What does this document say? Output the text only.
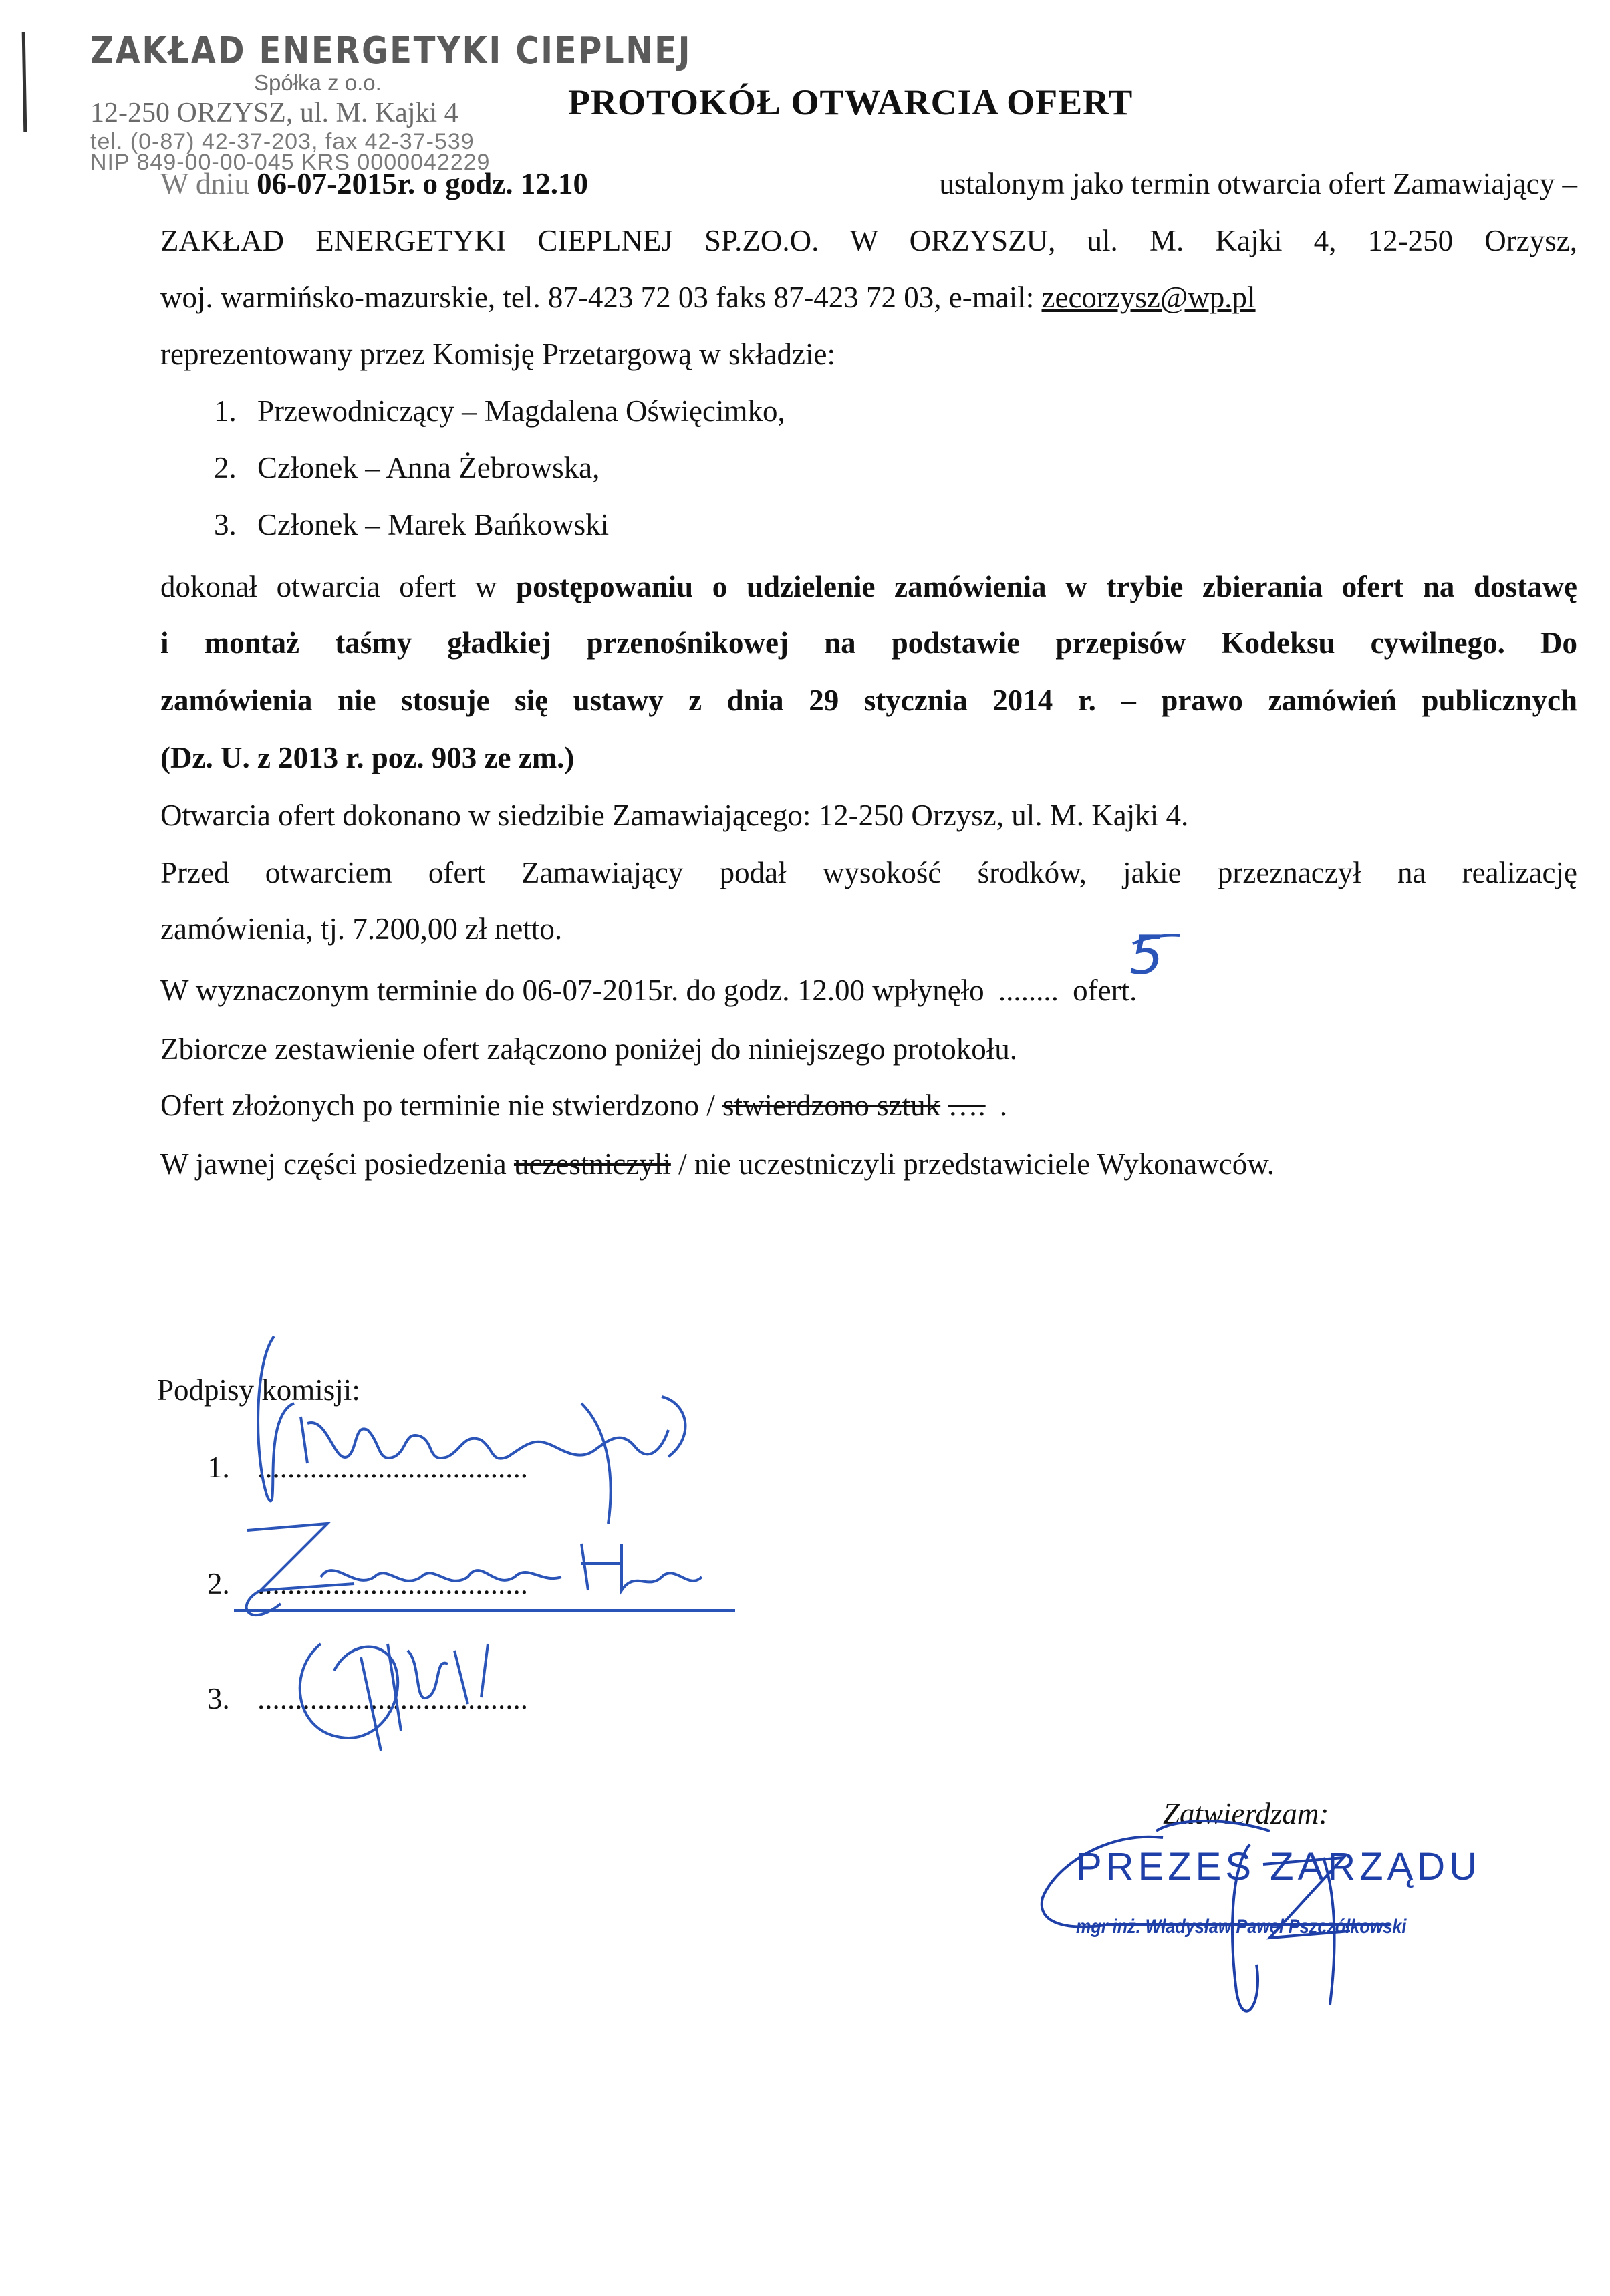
ZAKŁAD ENERGETYKI CIEPLNEJ
Spółka z o.o.
12-250 ORZYSZ, ul. M. Kajki 4
tel. (0-87) 42-37-203, fax 42-37-539
NIP 849-00-00-045 KRS 0000042229
PROTOKÓŁ OTWARCIA OFERT
W dniu 06-07-2015r. o godz. 12.10	ustalonym jako termin otwarcia ofert Zamawiający –
ZAKŁAD ENERGETYKI CIEPLNEJ SP.ZO.O. W ORZYSZU, ul. M. Kajki 4, 12-250 Orzysz,
woj. warmińsko-mazurskie, tel. 87-423 72 03 faks 87-423 72 03, e-mail: zecorzysz@wp.pl
reprezentowany przez Komisję Przetargową w składzie:
1. Przewodniczący – Magdalena Oświęcimko,
2. Członek – Anna Żebrowska,
3. Członek – Marek Bańkowski
dokonał otwarcia ofert w postępowaniu o udzielenie zamówienia w trybie zbierania ofert na dostawę
i montaż taśmy gładkiej przenośnikowej na podstawie przepisów Kodeksu cywilnego. Do
zamówienia nie stosuje się ustawy z dnia 29 stycznia 2014 r. – prawo zamówień publicznych
(Dz. U. z 2013 r. poz. 903 ze zm.)
Otwarcia ofert dokonano w siedzibie Zamawiającego: 12-250 Orzysz, ul. M. Kajki 4.
Przed otwarciem ofert Zamawiający podał wysokość środków, jakie przeznaczył na realizację
zamówienia, tj. 7.200,00 zł netto.
W wyznaczonym terminie do 06-07-2015r. do godz. 12.00 wpłynęło ........ ofert.
5
Zbiorcze zestawienie ofert załączono poniżej do niniejszego protokołu.
Ofert złożonych po terminie nie stwierdzono / stwierdzono sztuk …. .
W jawnej części posiedzenia uczestniczyli / nie uczestniczyli przedstawiciele Wykonawców.
Podpisy komisji:
1. ....................................
2. ....................................
3. ....................................
Zatwierdzam:
PREZES ZARZĄDU
mgr inż. Władysław Paweł Pszczółkowski
